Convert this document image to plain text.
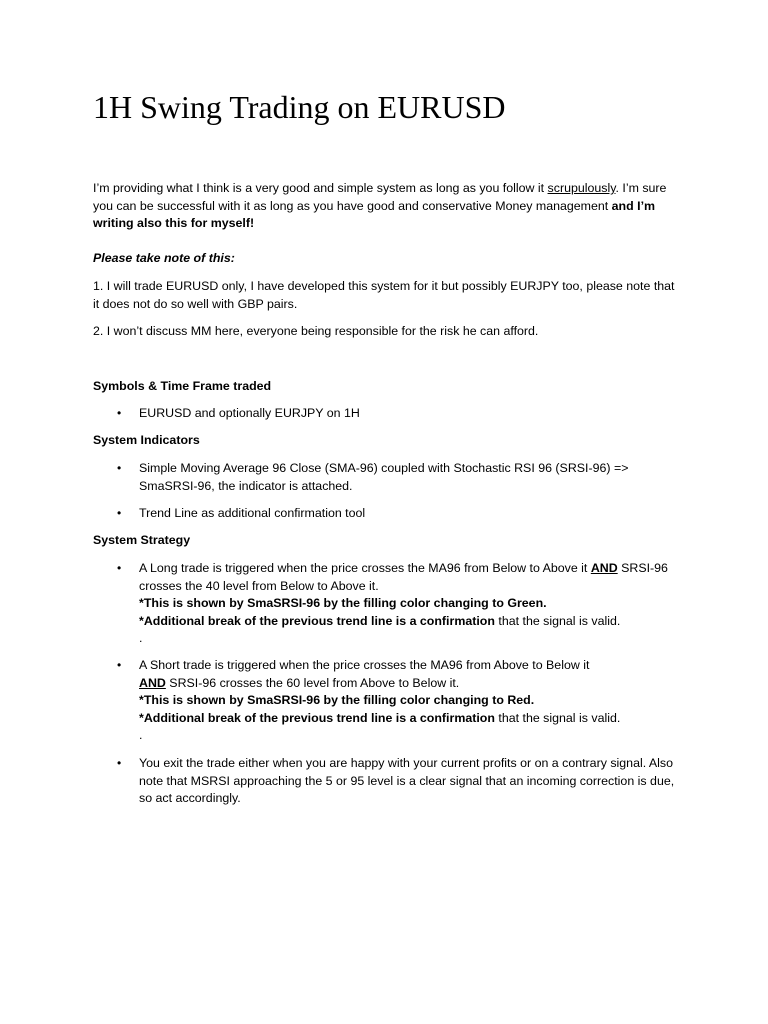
1H Swing Trading on EURUSD

I’m providing what I think is a very good and simple system as long as you follow it scrupulously. I’m sure you can be successful with it as long as you have good and conservative Money management and I’m writing also this for myself!

Please take note of this:

1. I will trade EURUSD only, I have developed this system for it but possibly EURJPY too, please note that it does not do so well with GBP pairs.

2. I won’t discuss MM here, everyone being responsible for the risk he can afford.

Symbols & Time Frame traded

•	EURUSD and optionally EURJPY on 1H

System Indicators

•	Simple Moving Average 96 Close (SMA-96) coupled with Stochastic RSI 96 (SRSI-96) => SmaSRSI-96, the indicator is attached.
•	Trend Line as additional confirmation tool

System Strategy

•	A Long trade is triggered when the price crosses the MA96 from Below to Above it AND SRSI-96 crosses the 40 level from Below to Above it.
*This is shown by SmaSRSI-96 by the filling color changing to Green.
*Additional break of the previous trend line is a confirmation that the signal is valid.
.
•	A Short trade is triggered when the price crosses the MA96 from Above to Below it AND SRSI-96 crosses the 60 level from Above to Below it.
*This is shown by SmaSRSI-96 by the filling color changing to Red.
*Additional break of the previous trend line is a confirmation that the signal is valid.
.
•	You exit the trade either when you are happy with your current profits or on a contrary signal. Also note that MSRSI approaching the 5 or 95 level is a clear signal that an incoming correction is due, so act accordingly.
